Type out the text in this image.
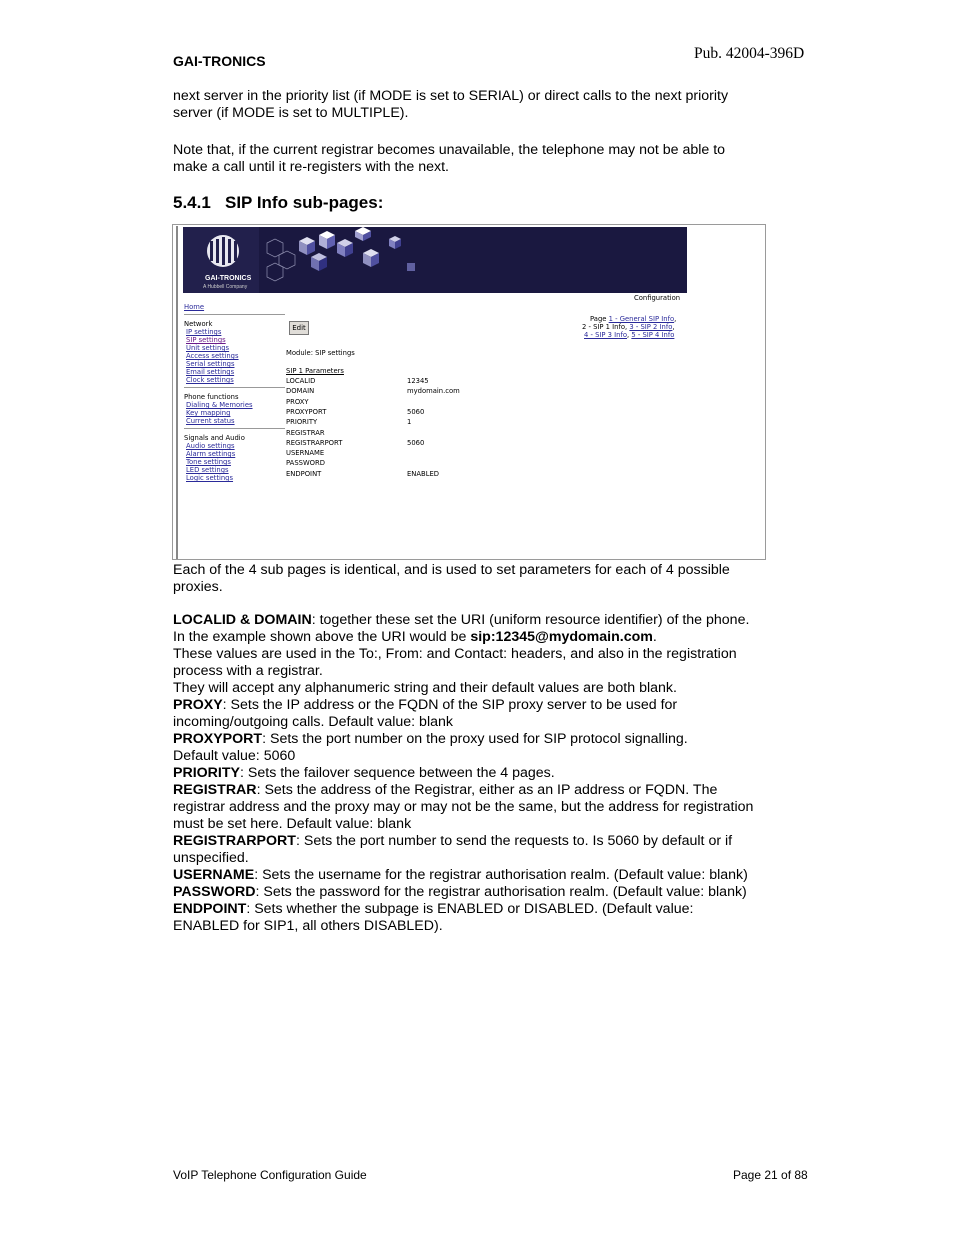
GAI-TRONICS	Pub. 42004-396D
next server in the priority list (if MODE is set to SERIAL) or direct calls to the next priority
server (if MODE is set to MULTIPLE).
Note that, if the current registrar becomes unavailable, the telephone may not be able to
make a call until it re-registers with the next.
5.4.1 SIP Info sub-pages:
GAI-TRONICS
A Hubbell Company
Configuration
Home
Network
IP settings
SIP settings
Unit settings
Access settings
Serial settings
Email settings
Clock settings
Phone functions
Dialing & Memories
Key mapping
Current status
Signals and Audio
Audio settings
Alarm settings
Tone settings
LED settings
Logic settings
Edit
Module: SIP settings
Page 1 - General SIP Info,
2 - SIP 1 Info, 3 - SIP 2 Info,
4 - SIP 3 Info, 5 - SIP 4 Info
SIP 1 Parameters
LOCALID	12345
DOMAIN	mydomain.com
PROXY
PROXYPORT	5060
PRIORITY	1
REGISTRAR
REGISTRARPORT	5060
USERNAME
PASSWORD
ENDPOINT	ENABLED
Each of the 4 sub pages is identical, and is used to set parameters for each of 4 possible
proxies.
LOCALID & DOMAIN: together these set the URI (uniform resource identifier) of the phone.
In the example shown above the URI would be sip:12345@mydomain.com.
These values are used in the To:, From: and Contact: headers, and also in the registration
process with a registrar.
They will accept any alphanumeric string and their default values are both blank.
PROXY: Sets the IP address or the FQDN of the SIP proxy server to be used for
incoming/outgoing calls. Default value: blank
PROXYPORT: Sets the port number on the proxy used for SIP protocol signalling.
Default value: 5060
PRIORITY: Sets the failover sequence between the 4 pages.
REGISTRAR: Sets the address of the Registrar, either as an IP address or FQDN. The
registrar address and the proxy may or may not be the same, but the address for registration
must be set here. Default value: blank
REGISTRARPORT: Sets the port number to send the requests to. Is 5060 by default or if
unspecified.
USERNAME: Sets the username for the registrar authorisation realm. (Default value: blank)
PASSWORD: Sets the password for the registrar authorisation realm. (Default value: blank)
ENDPOINT: Sets whether the subpage is ENABLED or DISABLED. (Default value:
ENABLED for SIP1, all others DISABLED).
VoIP Telephone Configuration Guide	Page 21 of 88
